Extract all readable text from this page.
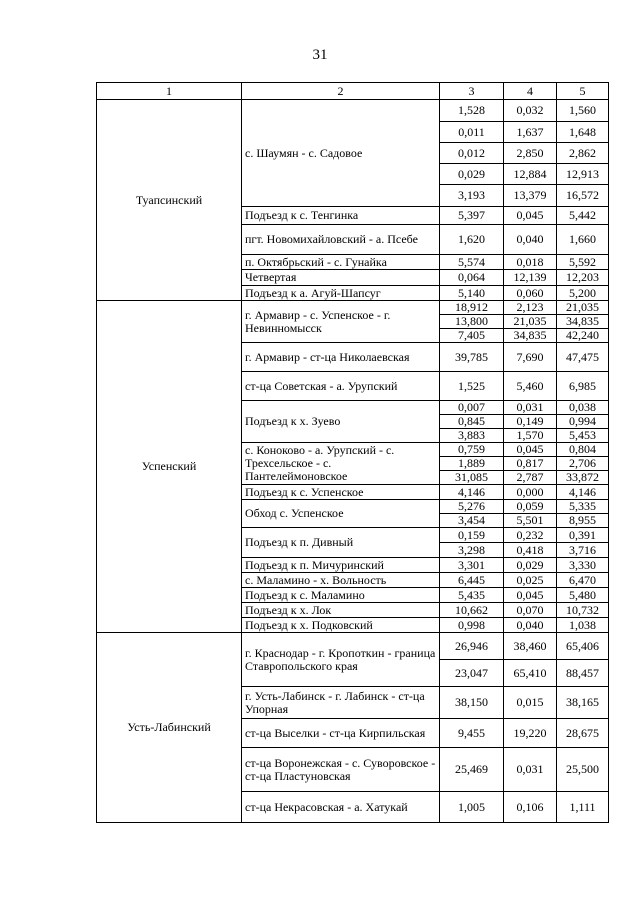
31
1	2	3	4	5
Туапсинский	с. Шаумян - с. Садовое	1,528	0,032	1,560
		0,011	1,637	1,648
		0,012	2,850	2,862
		0,029	12,884	12,913
		3,193	13,379	16,572
	Подъезд к с. Тенгинка	5,397	0,045	5,442
	пгт. Новомихайловский - а. Псебе	1,620	0,040	1,660
	п. Октябрьский - с. Гунайка	5,574	0,018	5,592
	Четвертая	0,064	12,139	12,203
	Подъезд к а. Агуй-Шапсуг	5,140	0,060	5,200
Успенский	г. Армавир - с. Успенское - г. Невинномысск	18,912	2,123	21,035
		13,800	21,035	34,835
		7,405	34,835	42,240
	г. Армавир - ст-ца Николаевская	39,785	7,690	47,475
	ст-ца Советская - а. Урупский	1,525	5,460	6,985
	Подъезд к х. Зуево	0,007	0,031	0,038
		0,845	0,149	0,994
		3,883	1,570	5,453
	с. Коноково - а. Урупский - с. Трехсельское - с. Пантелеймоновское	0,759	0,045	0,804
		1,889	0,817	2,706
		31,085	2,787	33,872
	Подъезд к с. Успенское	4,146	0,000	4,146
	Обход с. Успенское	5,276	0,059	5,335
		3,454	5,501	8,955
	Подъезд к п. Дивный	0,159	0,232	0,391
		3,298	0,418	3,716
	Подъезд к п. Мичуринский	3,301	0,029	3,330
	с. Маламино - х. Вольность	6,445	0,025	6,470
	Подъезд к с. Маламино	5,435	0,045	5,480
	Подъезд к х. Лок	10,662	0,070	10,732
	Подъезд к х. Подковский	0,998	0,040	1,038
Усть-Лабинский	г. Краснодар - г. Кропоткин - граница Ставропольского края	26,946	38,460	65,406
		23,047	65,410	88,457
	г. Усть-Лабинск - г. Лабинск - ст-ца Упорная	38,150	0,015	38,165
	ст-ца Выселки - ст-ца Кирпильская	9,455	19,220	28,675
	ст-ца Воронежская - с. Суворовское - ст-ца Пластуновская	25,469	0,031	25,500
	ст-ца Некрасовская - а. Хатукай	1,005	0,106	1,111
